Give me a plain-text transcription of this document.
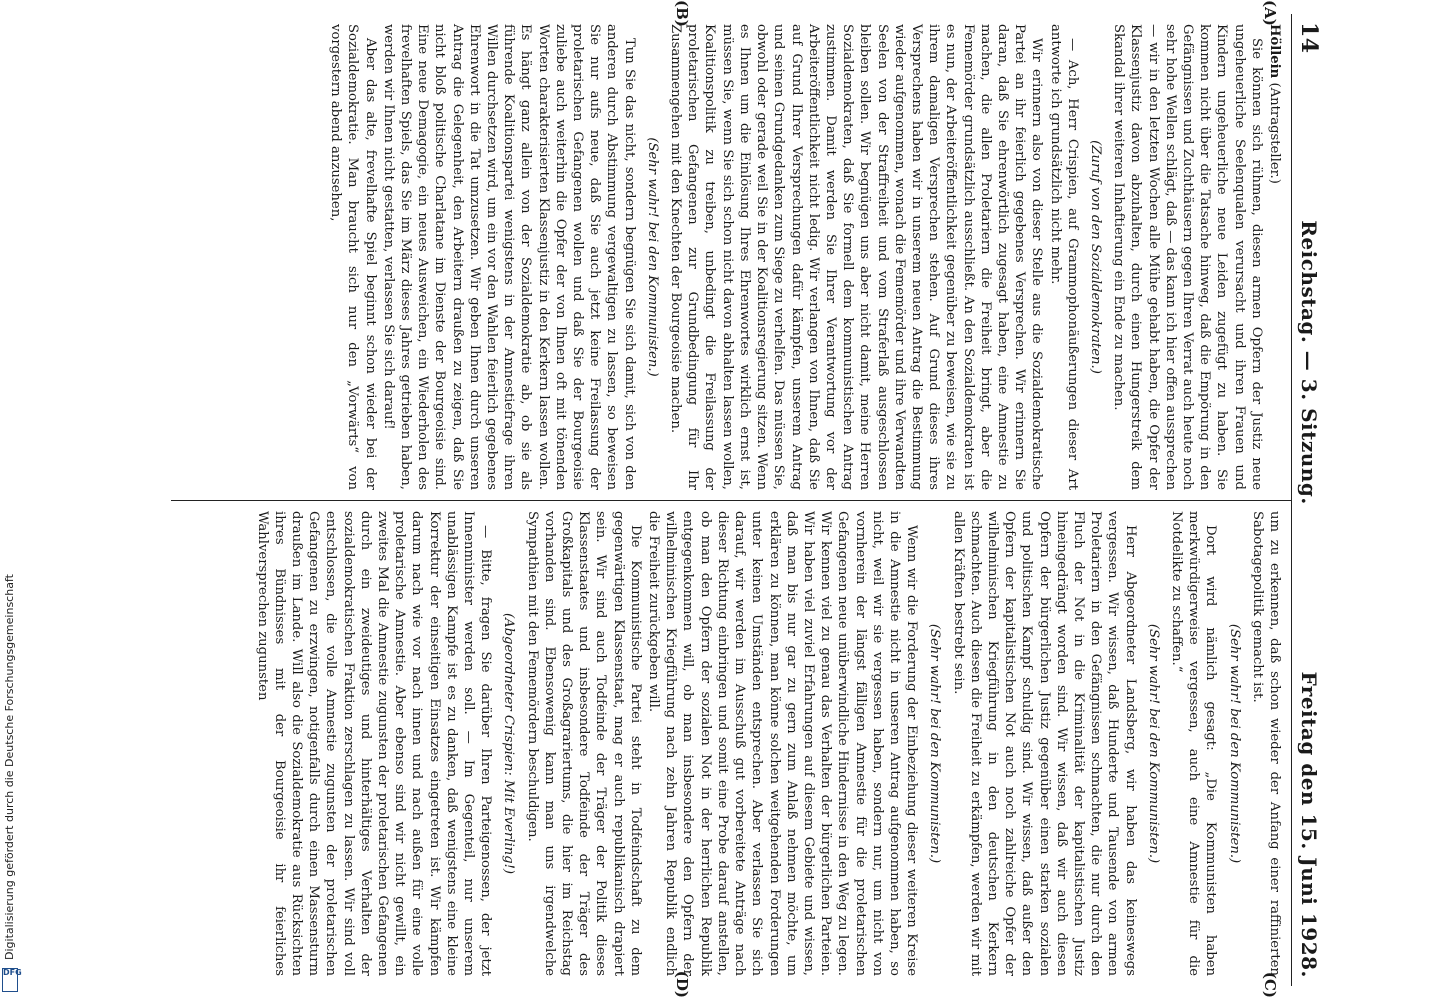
Digitalisierung gefördert durch die Deutsche Forschungsgemeinschaft
DFG
14
Reichstag. — 3. Sitzung.
Freitag den 15. Juni 1928.
(A)
(B)
(C)
(D)

Höllein (Antragsteller.)

Sie können sich rühmen, diesen armen Opfern der Justiz neue ungeheuerliche Seelenqualen verursacht und ihren Frauen und Kindern ungeheuerliche neue Leiden zugefügt zu haben. Sie kommen nicht über die Tatsache hinweg, daß die Empörung in den Gefängnissen und Zuchthäusern gegen Ihren Verrat auch heute noch sehr hohe Wellen schlägt, daß — das kann ich hier offen aussprechen — wir in den letzten Wochen alle Mühe gehabt haben, die Opfer der Klassenjustiz davon abzuhalten, durch einen Hungerstreik dem Skandal ihrer weiteren Inhaftierung ein Ende zu machen.

(Zuruf von den Sozialdemokraten.)

— Ach, Herr Crispien, auf Grammophonäußerungen dieser Art antworte ich grundsätzlich nicht mehr.

Wir erinnern also von dieser Stelle aus die Sozialdemokratische Partei an ihr feierlich gegebenes Versprechen. Wir erinnern Sie daran, daß Sie ehrenwörtlich zugesagt haben, eine Amnestie zu machen, die allen Proletariern die Freiheit bringt, aber die Fememörder grundsätzlich ausschließt. An den Sozialdemokraten ist es nun, der Arbeiteröffentlichkeit gegenüber zu beweisen, wie sie zu ihrem damaligen Versprechen stehen. Auf Grund dieses ihres Versprechens haben wir in unserem neuen Antrag die Bestimmung wieder aufgenommen, wonach die Fememörder und ihre Verwandten Seelen von der Straffreiheit und vom Straferlaß ausgeschlossen bleiben sollen. Wir begnügen uns aber nicht damit, meine Herren Sozialdemokraten, daß Sie formell dem kommunistischen Antrag zustimmen. Damit werden Sie Ihrer Verantwortung vor der Arbeiteröffentlichkeit nicht ledig. Wir verlangen von Ihnen, daß Sie auf Grund Ihrer Versprechungen dafür kämpfen, unserem Antrag und seinen Grundgedanken zum Siege zu verhelfen. Das müssen Sie, obwohl oder gerade weil Sie in der Koalitionsregierung sitzen. Wenn es Ihnen um die Einlösung Ihres Ehrenwortes wirklich ernst ist, müssen Sie, wenn Sie sich schon nicht davon abhalten lassen wollen, Koalitionspolitik zu treiben, unbedingt die Freilassung der proletarischen Gefangenen zur Grundbedingung für Ihr Zusammengehen mit den Knechten der Bourgeoisie machen.

(Sehr wahr! bei den Kommunisten.)

Tun Sie das nicht, sondern begnügen Sie sich damit, sich von den anderen durch Abstimmung vergewaltigen zu lassen, so beweisen Sie nur aufs neue, daß Sie auch jetzt keine Freilassung der proletarischen Gefangenen wollen und daß Sie der Bourgeoisie zuliebe auch weiterhin die Opfer der von Ihnen oft mit tönenden Worten charakterisierten Klassenjustiz in den Kerkern lassen wollen. Es hängt ganz allein von der Sozialdemokratie ab, ob sie als führende Koalitionspartei wenigstens in der Amnestiefrage ihren Willen durchsetzen wird, um ein vor den Wahlen feierlich gegebenes Ehrenwort in die Tat umzusetzen. Wir geben Ihnen durch unseren Antrag die Gelegenheit, den Arbeitern draußen zu zeigen, daß Sie nicht bloß politische Charlatane im Dienste der Bourgeoisie sind. Eine neue Demagogie, ein neues Ausweichen, ein Wiederholen des frevelhaften Spiels, das Sie im März dieses Jahres getrieben haben, werden wir Ihnen nicht gestatten, verlassen Sie sich darauf!

Aber das alte, frevelhafte Spiel beginnt schon wieder bei der Sozialdemokratie. Man braucht sich nur den „Vorwärts“ von vorgestern abend anzusehen,

um zu erkennen, daß schon wieder der Anfang einer raffinierten Sabotagepolitik gemacht ist.

(Sehr wahr! bei den Kommunisten.)

Dort wird nämlich gesagt: „Die Kommunisten haben merkwürdigerweise vergessen, auch eine Amnestie für die Notdelikte zu schaffen.“

(Sehr wahr! bei den Kommunisten.)

Herr Abgeordneter Landsberg, wir haben das keineswegs vergessen. Wir wissen, daß Hunderte und Tausende von armen Proletariern in den Gefängnissen schmachten, die nur durch den Fluch der Not in die Kriminalität der kapitalistischen Justiz hineingedrängt worden sind. Wir wissen, daß wir auch diesen Opfern der bürgerlichen Justiz gegenüber einen starken sozialen und politischen Kampf schuldig sind. Wir wissen, daß außer den Opfern der kapitalistischen Not auch noch zahlreiche Opfer der wilhelminischen Kriegführung in den deutschen Kerkern schmachten. Auch diesen die Freiheit zu erkämpfen, werden wir mit allen Kräften bestrebt sein.

(Sehr wahr! bei den Kommunisten.)

Wenn wir die Forderung der Einbeziehung dieser weiteren Kreise in die Amnestie nicht in unseren Antrag aufgenommen haben, so nicht, weil wir sie vergessen haben, sondern nur, um nicht von vornherein der längst fälligen Amnestie für die proletarischen Gefangenen neue unüberwindliche Hindernisse in den Weg zu legen. Wir kennen viel zu genau das Verhalten der bürgerlichen Parteien. Wir haben viel zuviel Erfahrungen auf diesem Gebiete und wissen, daß man bis nur gar zu gern zum Anlaß nehmen möchte, um erklären zu können, man könne solchen weitgehenden Forderungen unter keinen Umständen entsprechen. Aber verlassen Sie sich darauf, wir werden im Ausschuß gut vorbereitete Anträge nach dieser Richtung einbringen und somit eine Probe darauf anstellen, ob man den Opfern der sozialen Not in der herrlichen Republik entgegenkommen will, ob man insbesondere den Opfern der wilhelminischen Kriegführung nach zehn Jahren Republik endlich die Freiheit zurückgeben will.

Die Kommunistische Partei steht in Todfeindschaft zu dem gegenwärtigen Klassenstaat, mag er auch republikanisch drapiert sein. Wir sind auch Todfeinde der Träger der Politik dieses Klassenstaates und insbesondere Todfeinde der Träger des Großkapitals und des Großagrariertums, die hier im Reichstag vorhanden sind. Ebensowenig kann man uns irgendwelche Sympathien mit den Fememördern beschuldigen.

(Abgeordneter Crispien: Mit Everling!)

— Bitte, fragen Sie darüber Ihren Parteigenossen, der jetzt Innenminister werden soll. — Im Gegenteil, nur unserem unablässigen Kampfe ist es zu danken, daß wenigstens eine kleine Korrektur der einseitigen Einsatzes eingetreten ist. Wir kämpfen darum nach wie vor nach innen und nach außen für eine volle proletarische Amnestie. Aber ebenso sind wir nicht gewillt, ein zweites Mal die Amnestie zugunsten der proletarischen Gefangenen durch ein zweideutiges und hinterhältiges Verhalten der sozialdemokratischen Fraktion zerschlagen zu lassen. Wir sind voll entschlossen, die volle Amnestie zugunsten der proletarischen Gefangenen zu erzwingen, notigenfalls durch einen Massensturm draußen im Lande. Will also die Sozialdemokratie aus Rücksichten ihres Bündnisses mit der Bourgeoisie ihr feierliches Wahlversprechen zugunsten
